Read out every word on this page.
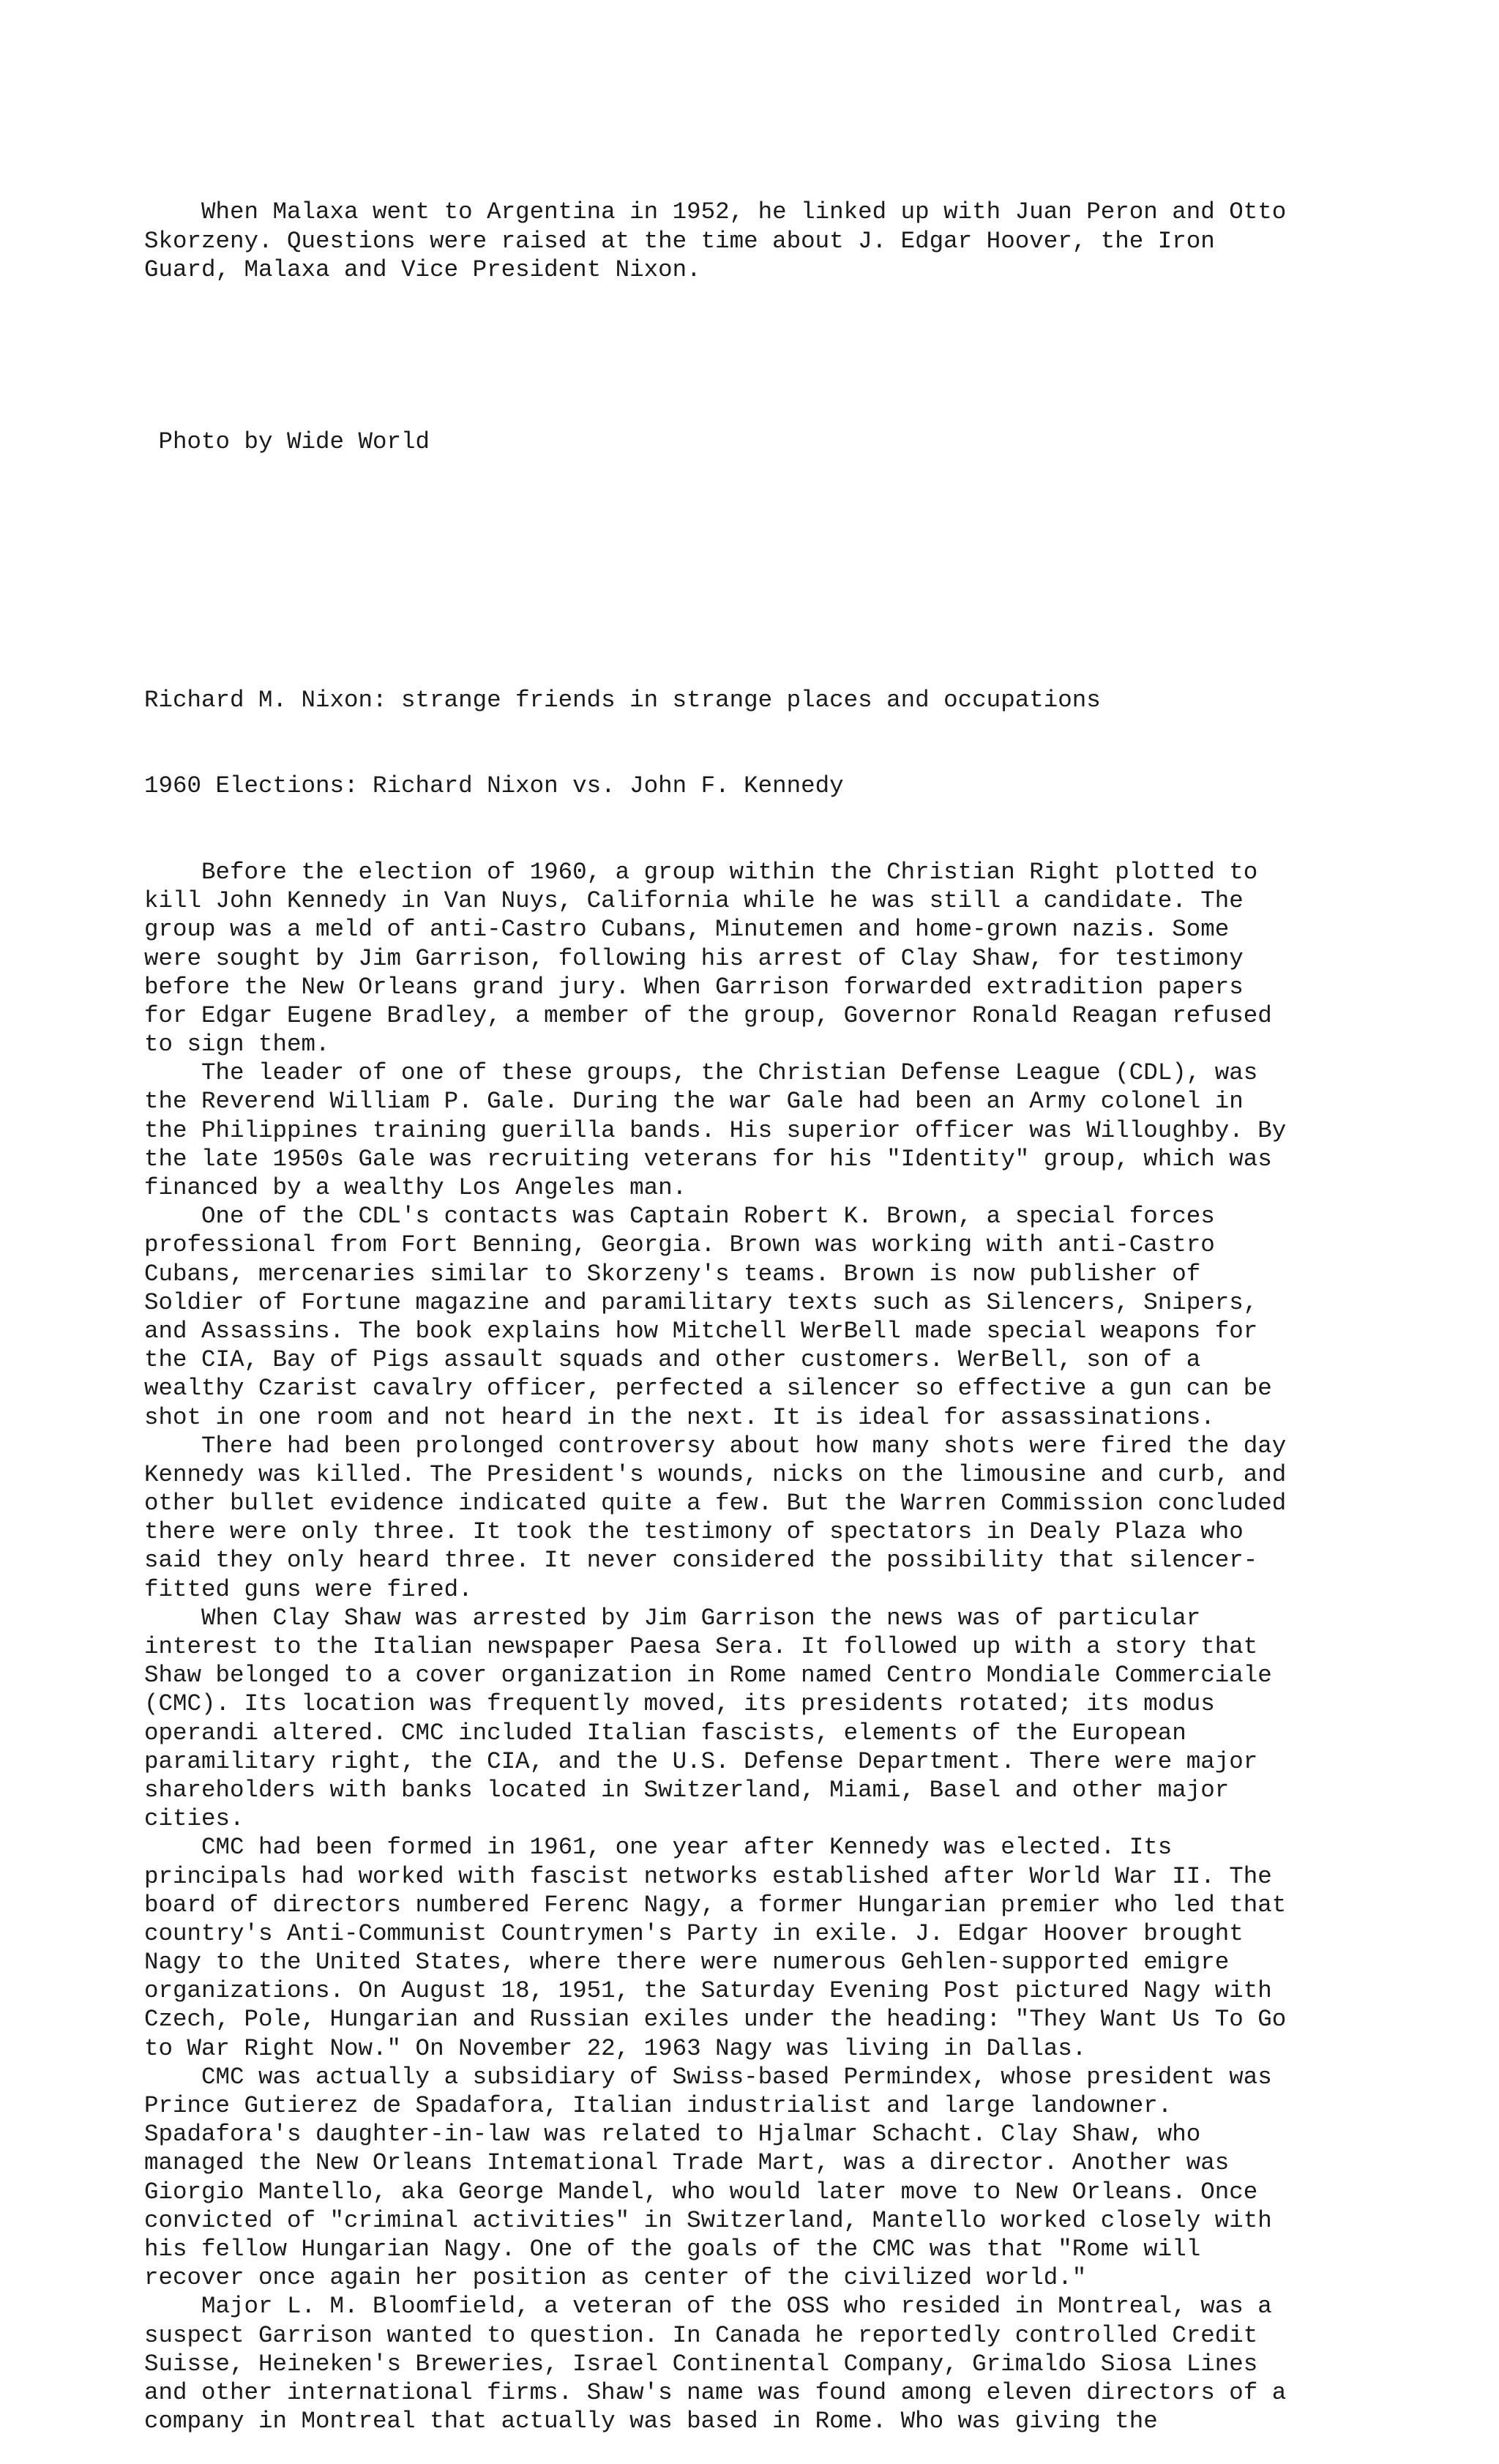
When Malaxa went to Argentina in 1952, he linked up with Juan Peron and Otto
Skorzeny. Questions were raised at the time about J. Edgar Hoover, the Iron
Guard, Malaxa and Vice President Nixon.

Photo by Wide World

Richard M. Nixon: strange friends in strange places and occupations

1960 Elections: Richard Nixon vs. John F. Kennedy

Before the election of 1960, a group within the Christian Right plotted to
kill John Kennedy in Van Nuys, California while he was still a candidate. The
group was a meld of anti-Castro Cubans, Minutemen and home-grown nazis. Some
were sought by Jim Garrison, following his arrest of Clay Shaw, for testimony
before the New Orleans grand jury. When Garrison forwarded extradition papers
for Edgar Eugene Bradley, a member of the group, Governor Ronald Reagan refused
to sign them.
The leader of one of these groups, the Christian Defense League (CDL), was
the Reverend William P. Gale. During the war Gale had been an Army colonel in
the Philippines training guerilla bands. His superior officer was Willoughby. By
the late 1950s Gale was recruiting veterans for his "Identity" group, which was
financed by a wealthy Los Angeles man.
One of the CDL's contacts was Captain Robert K. Brown, a special forces
professional from Fort Benning, Georgia. Brown was working with anti-Castro
Cubans, mercenaries similar to Skorzeny's teams. Brown is now publisher of
Soldier of Fortune magazine and paramilitary texts such as Silencers, Snipers,
and Assassins. The book explains how Mitchell WerBell made special weapons for
the CIA, Bay of Pigs assault squads and other customers. WerBell, son of a
wealthy Czarist cavalry officer, perfected a silencer so effective a gun can be
shot in one room and not heard in the next. It is ideal for assassinations.
There had been prolonged controversy about how many shots were fired the day
Kennedy was killed. The President's wounds, nicks on the limousine and curb, and
other bullet evidence indicated quite a few. But the Warren Commission concluded
there were only three. It took the testimony of spectators in Dealy Plaza who
said they only heard three. It never considered the possibility that silencer-
fitted guns were fired.
When Clay Shaw was arrested by Jim Garrison the news was of particular
interest to the Italian newspaper Paesa Sera. It followed up with a story that
Shaw belonged to a cover organization in Rome named Centro Mondiale Commerciale
(CMC). Its location was frequently moved, its presidents rotated; its modus
operandi altered. CMC included Italian fascists, elements of the European
paramilitary right, the CIA, and the U.S. Defense Department. There were major
shareholders with banks located in Switzerland, Miami, Basel and other major
cities.
CMC had been formed in 1961, one year after Kennedy was elected. Its
principals had worked with fascist networks established after World War II. The
board of directors numbered Ferenc Nagy, a former Hungarian premier who led that
country's Anti-Communist Countrymen's Party in exile. J. Edgar Hoover brought
Nagy to the United States, where there were numerous Gehlen-supported emigre
organizations. On August 18, 1951, the Saturday Evening Post pictured Nagy with
Czech, Pole, Hungarian and Russian exiles under the heading: "They Want Us To Go
to War Right Now." On November 22, 1963 Nagy was living in Dallas.
CMC was actually a subsidiary of Swiss-based Permindex, whose president was
Prince Gutierez de Spadafora, Italian industrialist and large landowner.
Spadafora's daughter-in-law was related to Hjalmar Schacht. Clay Shaw, who
managed the New Orleans Intemational Trade Mart, was a director. Another was
Giorgio Mantello, aka George Mandel, who would later move to New Orleans. Once
convicted of "criminal activities" in Switzerland, Mantello worked closely with
his fellow Hungarian Nagy. One of the goals of the CMC was that "Rome will
recover once again her position as center of the civilized world."
Major L. M. Bloomfield, a veteran of the OSS who resided in Montreal, was a
suspect Garrison wanted to question. In Canada he reportedly controlled Credit
Suisse, Heineken's Breweries, Israel Continental Company, Grimaldo Siosa Lines
and other international firms. Shaw's name was found among eleven directors of a
company in Montreal that actually was based in Rome. Who was giving the
